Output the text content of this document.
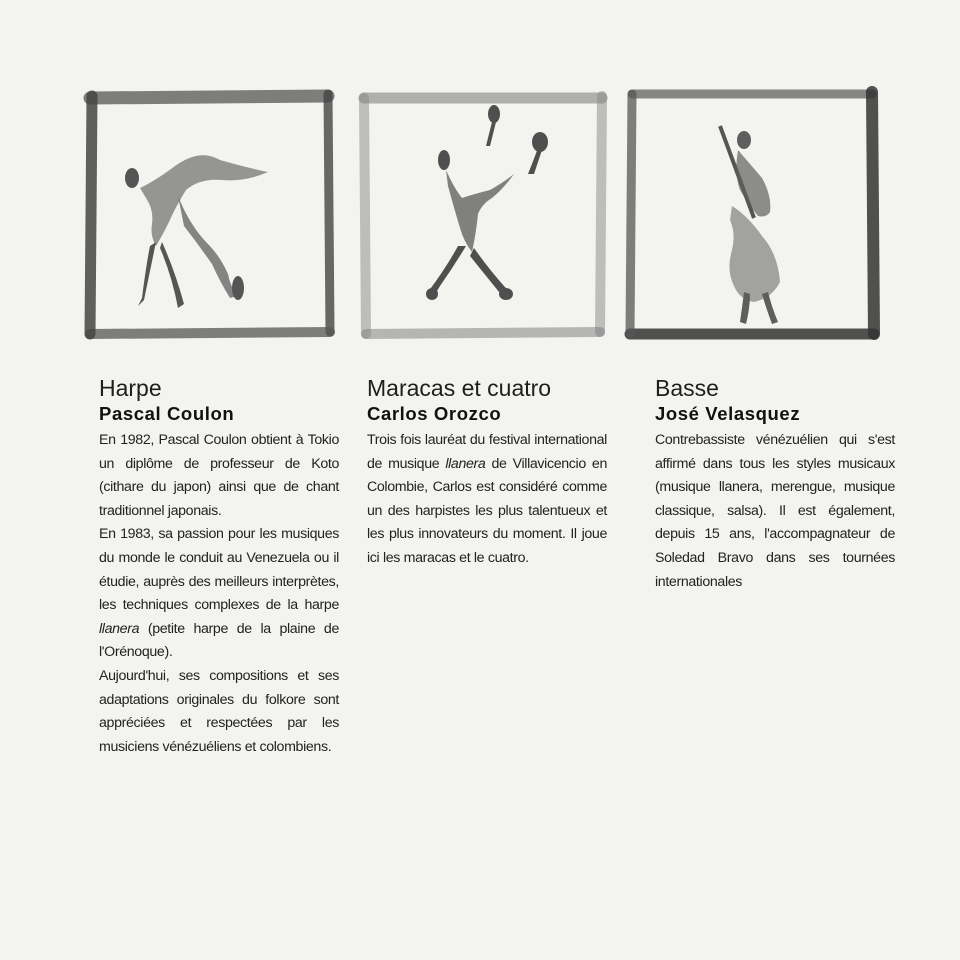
Harpe
Pascal Coulon

En 1982, Pascal Coulon obtient à Tokio un diplôme de professeur de Koto (cithare du japon) ainsi que de chant traditionnel japonais.

En 1983, sa passion pour les musiques du monde le conduit au Venezuela ou il étudie, auprès des meilleurs interprètes, les techniques complexes de la harpe llanera (petite harpe de la plaine de l'Orénoque).

Aujourd'hui, ses compositions et ses adaptations originales du folkore sont appréciées et respectées par les musiciens vénézuéliens et colombiens.

Maracas et cuatro
Carlos Orozco

Trois fois lauréat du festival international de musique llanera de Villavicencio en Colombie, Carlos est considéré comme un des harpistes les plus talentueux et les plus innovateurs du moment. Il joue ici les maracas et le cuatro.

Basse
José Velasquez

Contrebassiste vénézuélien qui s'est affirmé dans tous les styles musicaux (musique llanera, merengue, musique classique, salsa). Il est également, depuis 15 ans, l'accompagnateur de Soledad Bravo dans ses tournées internationales
